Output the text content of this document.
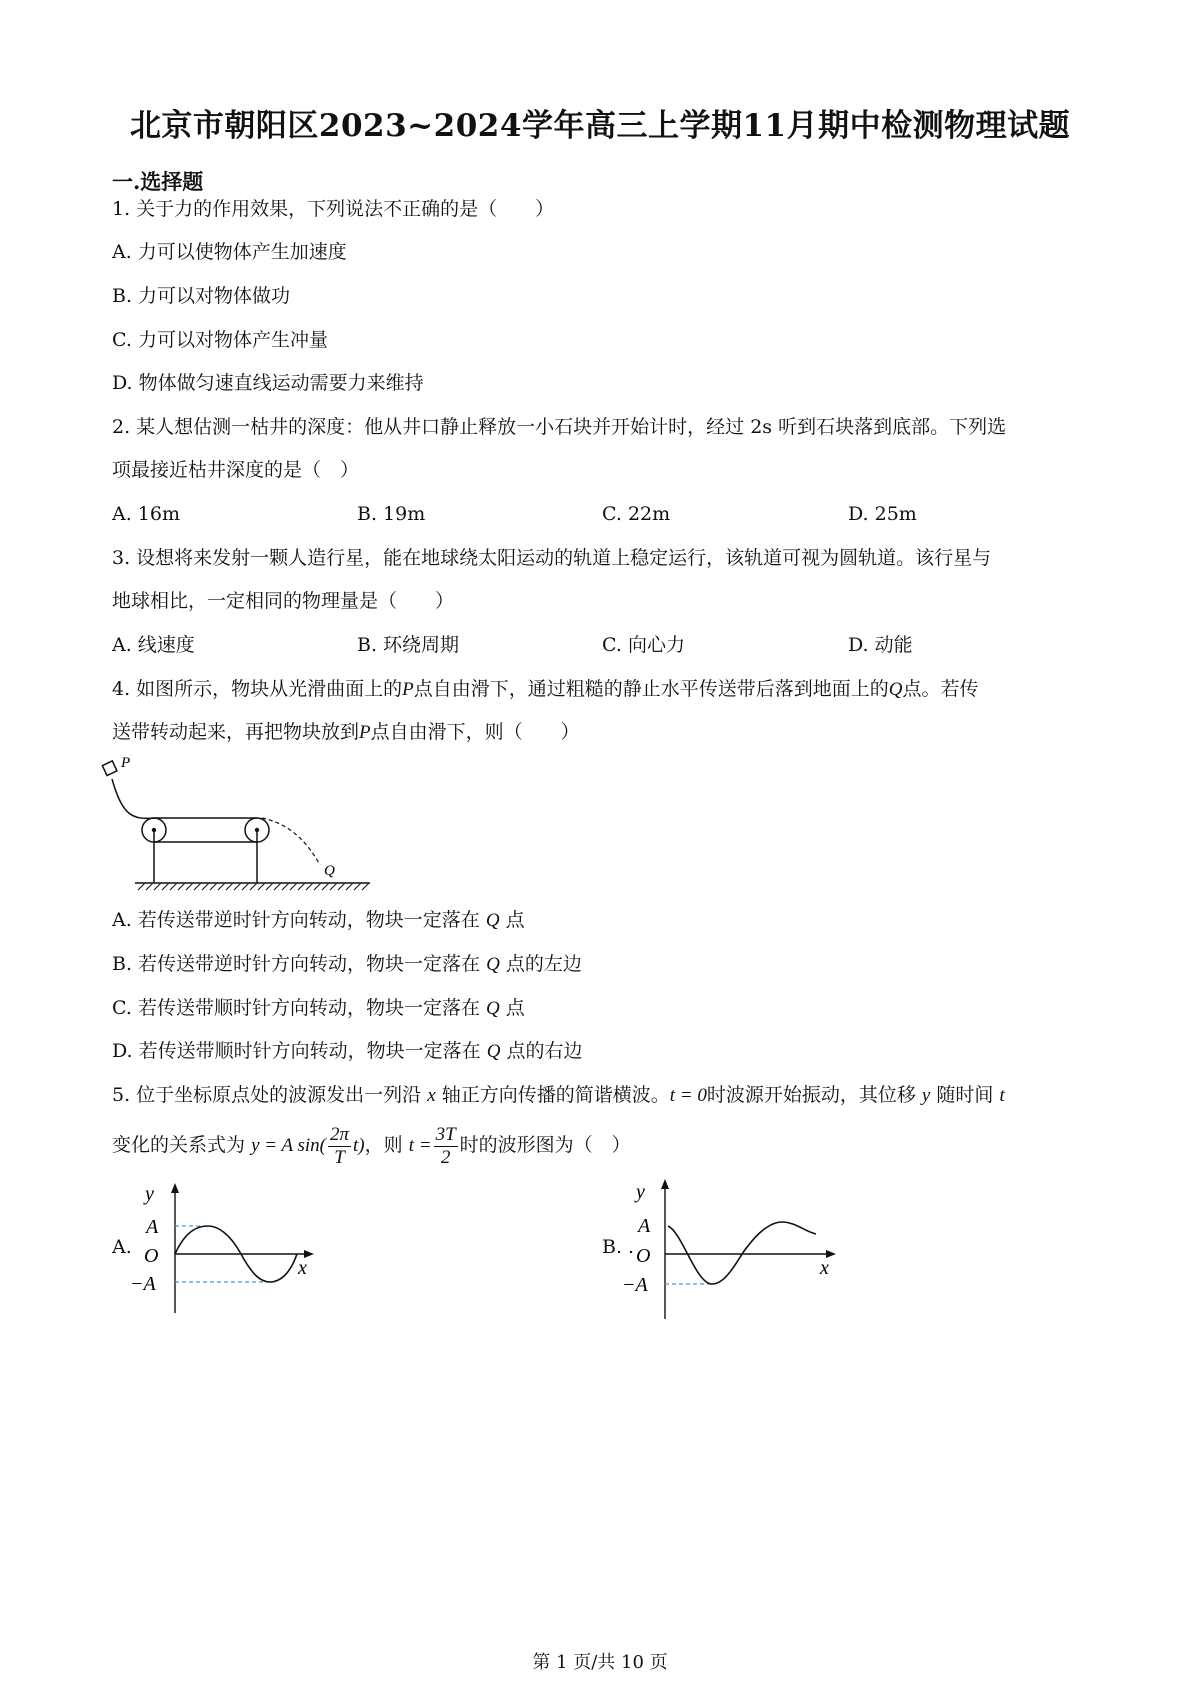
北京市朝阳区2023~2024学年高三上学期11月期中检测物理试题
一.选择题
1. 关于力的作用效果，下列说法不正确的是（　　）
A. 力可以使物体产生加速度
B. 力可以对物体做功
C. 力可以对物体产生冲量
D. 物体做匀速直线运动需要力来维持
2. 某人想估测一枯井的深度：他从井口静止释放一小石块并开始计时，经过 2s 听到石块落到底部。下列选
项最接近枯井深度的是（　）
A. 16m	B. 19m	C. 22m	D. 25m
3. 设想将来发射一颗人造行星，能在地球绕太阳运动的轨道上稳定运行，该轨道可视为圆轨道。该行星与
地球相比，一定相同的物理量是（　　）
A. 线速度	B. 环绕周期	C. 向心力	D. 动能
4. 如图所示，物块从光滑曲面上的P点自由滑下，通过粗糙的静止水平传送带后落到地面上的Q点。若传
送带转动起来，再把物块放到P点自由滑下，则（　　）
P
Q
A. 若传送带逆时针方向转动，物块一定落在 Q 点
B. 若传送带逆时针方向转动，物块一定落在 Q 点的左边
C. 若传送带顺时针方向转动，物块一定落在 Q 点
D. 若传送带顺时针方向转动，物块一定落在 Q 点的右边
5. 位于坐标原点处的波源发出一列沿 x 轴正方向传播的简谐横波。t = 0时波源开始振动，其位移 y 随时间 t
变化的关系式为 y = A $\sin( \frac{2\pi}{T} t)$，则 $t = \frac{3T}{2}$ 时的波形图为（　）
A.
y
x
A
O
−A
B. .
y
x
A
O
−A
第 1 页/共 10 页
